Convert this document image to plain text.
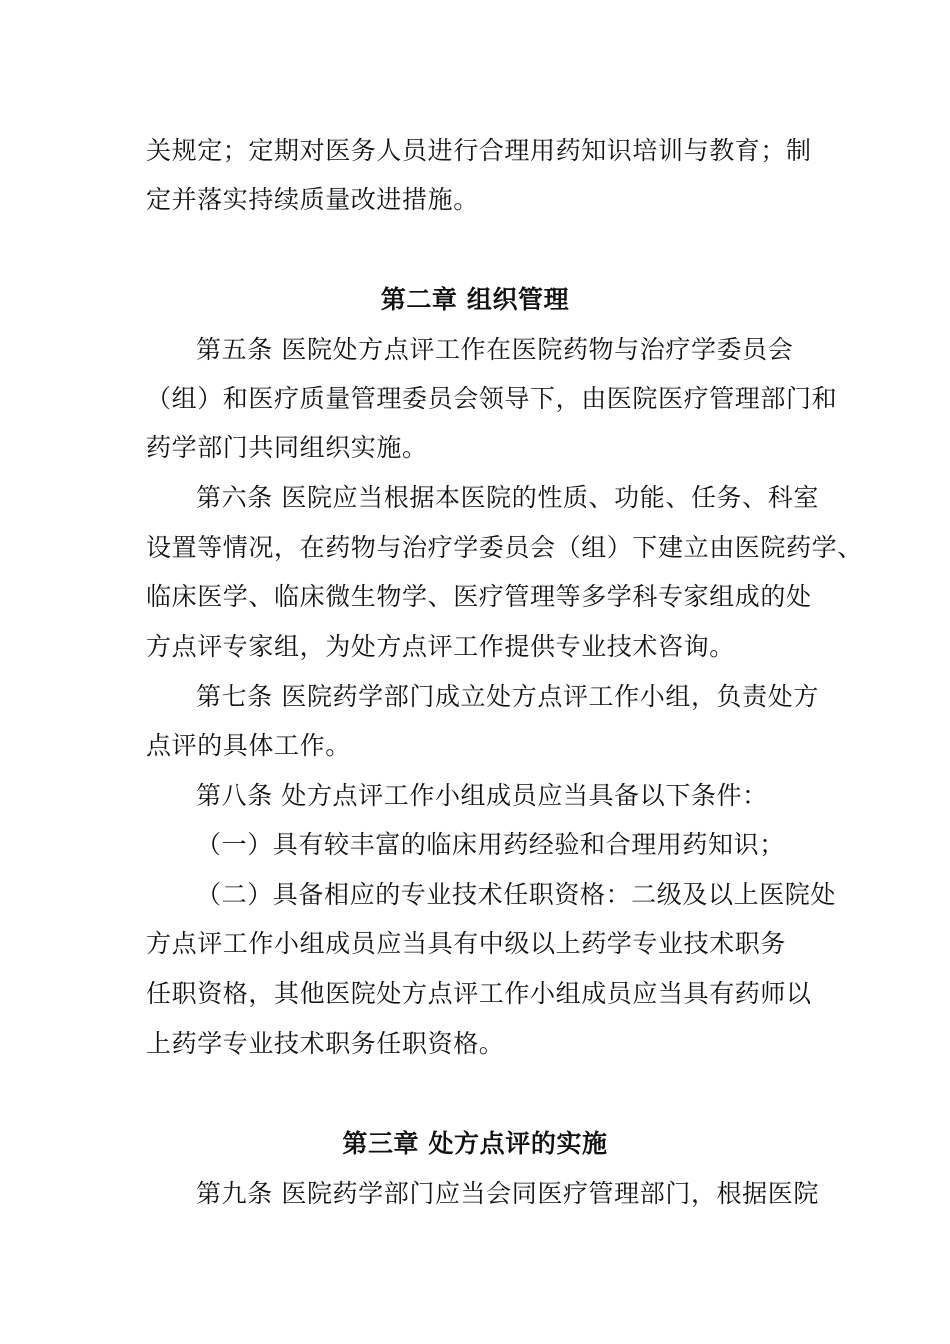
关规定；定期对医务人员进行合理用药知识培训与教育；制
定并落实持续质量改进措施。
第二章 组织管理
第五条 医院处方点评工作在医院药物与治疗学委员会
（组）和医疗质量管理委员会领导下，由医院医疗管理部门和
药学部门共同组织实施。
第六条 医院应当根据本医院的性质、功能、任务、科室
设置等情况，在药物与治疗学委员会（组）下建立由医院药学、
临床医学、临床微生物学、医疗管理等多学科专家组成的处
方点评专家组，为处方点评工作提供专业技术咨询。
第七条 医院药学部门成立处方点评工作小组，负责处方
点评的具体工作。
第八条 处方点评工作小组成员应当具备以下条件：
（一）具有较丰富的临床用药经验和合理用药知识；
（二）具备相应的专业技术任职资格：二级及以上医院处
方点评工作小组成员应当具有中级以上药学专业技术职务
任职资格，其他医院处方点评工作小组成员应当具有药师以
上药学专业技术职务任职资格。
第三章 处方点评的实施
第九条 医院药学部门应当会同医疗管理部门，根据医院
